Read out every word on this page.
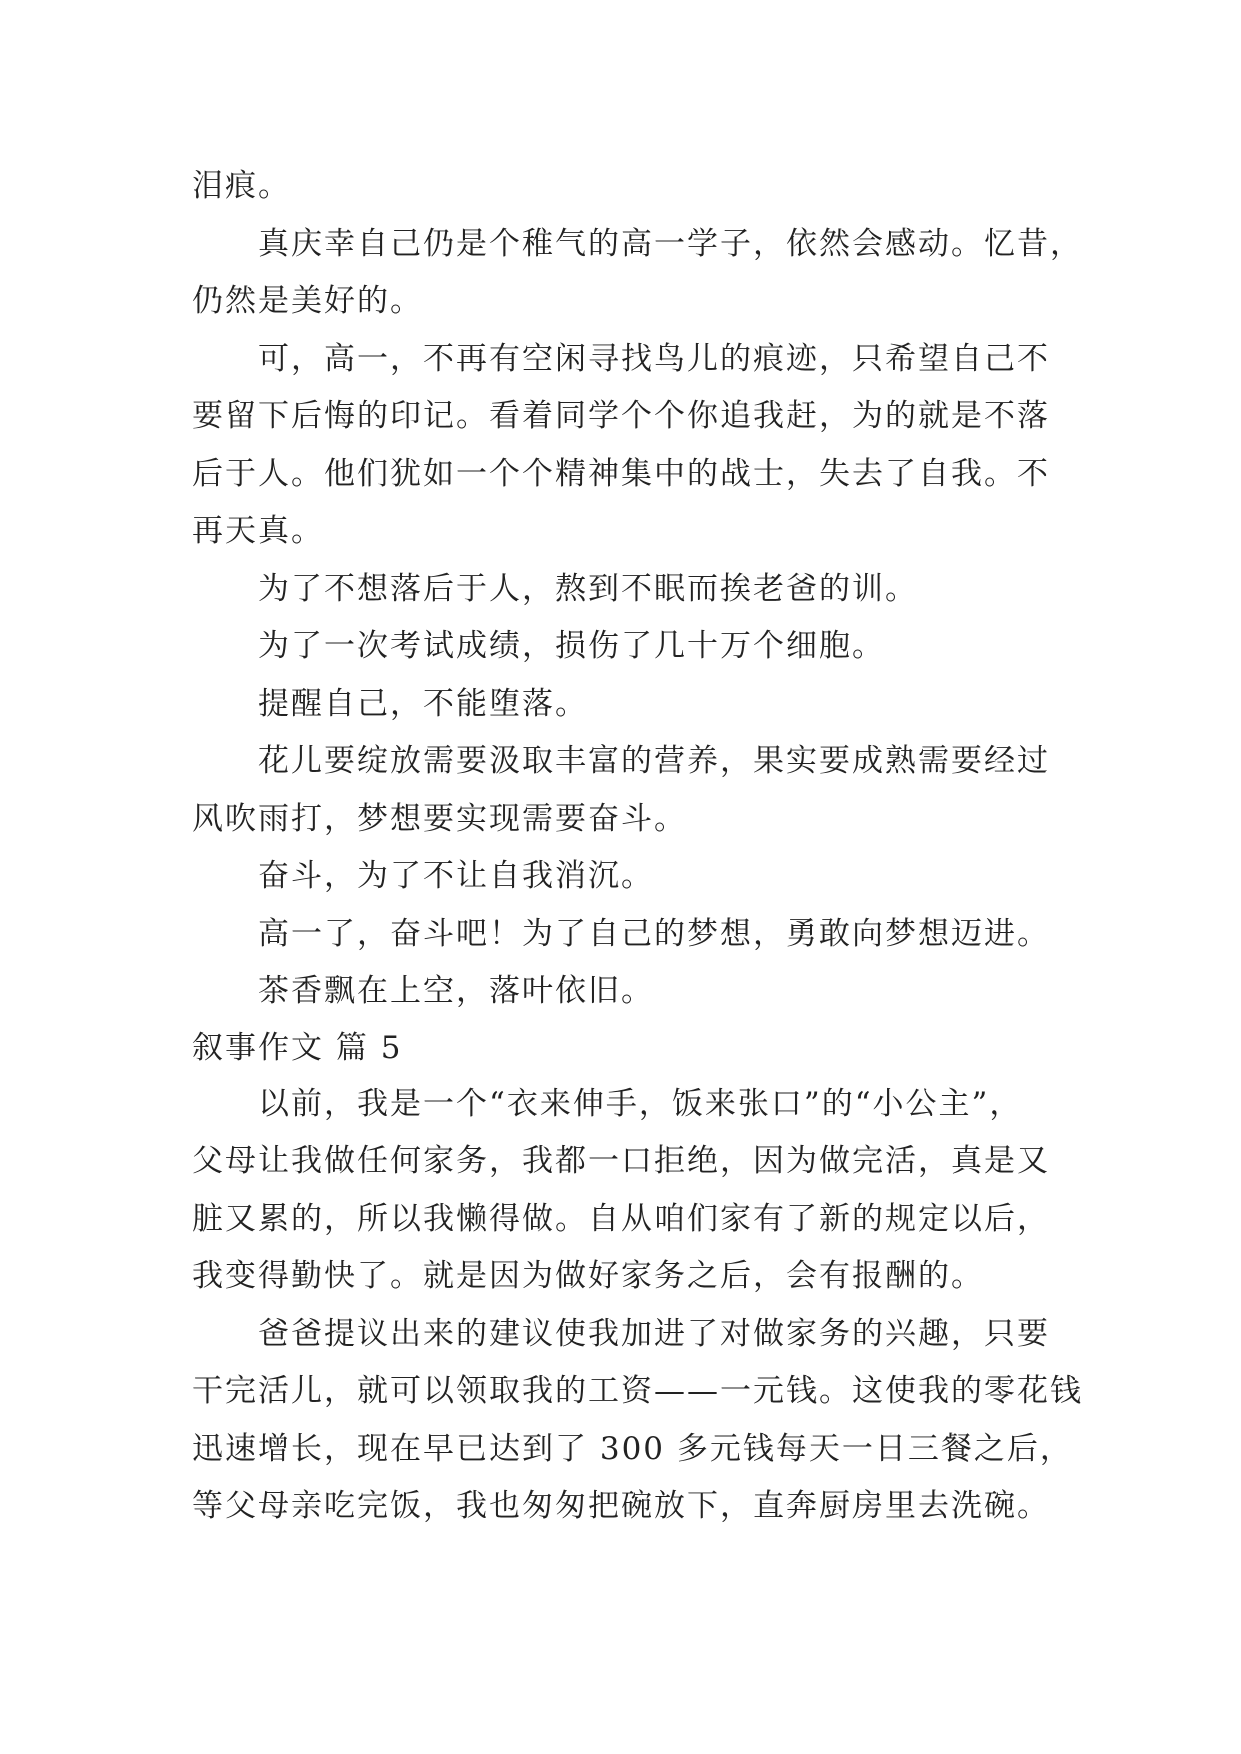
泪痕。
真庆幸自己仍是个稚气的高一学子，依然会感动。忆昔，
仍然是美好的。
可，高一，不再有空闲寻找鸟儿的痕迹，只希望自己不
要留下后悔的印记。看着同学个个你追我赶，为的就是不落
后于人。他们犹如一个个精神集中的战士，失去了自我。不
再天真。
为了不想落后于人，熬到不眠而挨老爸的训。
为了一次考试成绩，损伤了几十万个细胞。
提醒自己，不能堕落。
花儿要绽放需要汲取丰富的营养，果实要成熟需要经过
风吹雨打，梦想要实现需要奋斗。
奋斗，为了不让自我消沉。
高一了，奋斗吧！为了自己的梦想，勇敢向梦想迈进。
茶香飘在上空，落叶依旧。
叙事作文 篇 5
以前，我是一个“衣来伸手，饭来张口”的“小公主”，
父母让我做任何家务，我都一口拒绝，因为做完活，真是又
脏又累的，所以我懒得做。自从咱们家有了新的规定以后，
我变得勤快了。就是因为做好家务之后，会有报酬的。
爸爸提议出来的建议使我加进了对做家务的兴趣，只要
干完活儿，就可以领取我的工资——一元钱。这使我的零花钱
迅速增长，现在早已达到了 300 多元钱每天一日三餐之后，
等父母亲吃完饭，我也匆匆把碗放下，直奔厨房里去洗碗。
